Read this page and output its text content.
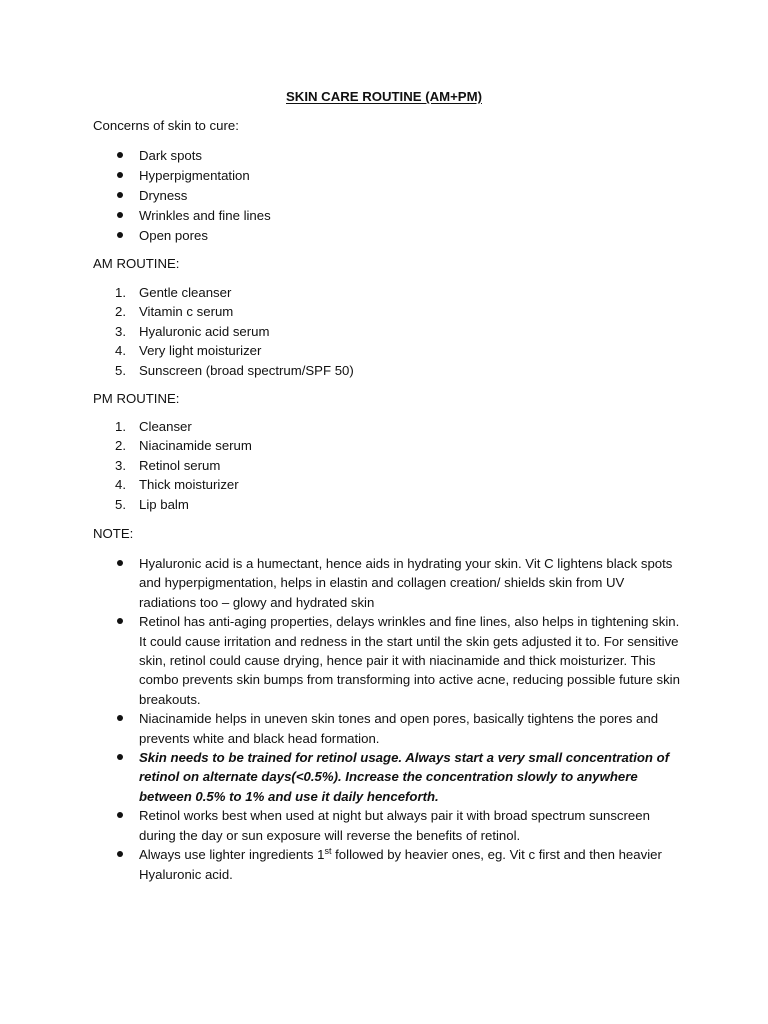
SKIN CARE ROUTINE (AM+PM)

Concerns of skin to cure:

Dark spots
Hyperpigmentation
Dryness
Wrinkles and fine lines
Open pores

AM ROUTINE:

1. Gentle cleanser
2. Vitamin c serum
3. Hyaluronic acid serum
4. Very light moisturizer
5. Sunscreen (broad spectrum/SPF 50)

PM ROUTINE:

1. Cleanser
2. Niacinamide serum
3. Retinol serum
4. Thick moisturizer
5. Lip balm

NOTE:

Hyaluronic acid is a humectant, hence aids in hydrating your skin. Vit C lightens black spots and hyperpigmentation, helps in elastin and collagen creation/ shields skin from UV radiations too – glowy and hydrated skin
Retinol has anti-aging properties, delays wrinkles and fine lines, also helps in tightening skin. It could cause irritation and redness in the start until the skin gets adjusted it to. For sensitive skin, retinol could cause drying, hence pair it with niacinamide and thick moisturizer. This combo prevents skin bumps from transforming into active acne, reducing possible future skin breakouts.
Niacinamide helps in uneven skin tones and open pores, basically tightens the pores and prevents white and black head formation.
Skin needs to be trained for retinol usage. Always start a very small concentration of retinol on alternate days(<0.5%). Increase the concentration slowly to anywhere between 0.5% to 1% and use it daily henceforth.
Retinol works best when used at night but always pair it with broad spectrum sunscreen during the day or sun exposure will reverse the benefits of retinol.
Always use lighter ingredients 1st followed by heavier ones, eg. Vit c first and then heavier Hyaluronic acid.
